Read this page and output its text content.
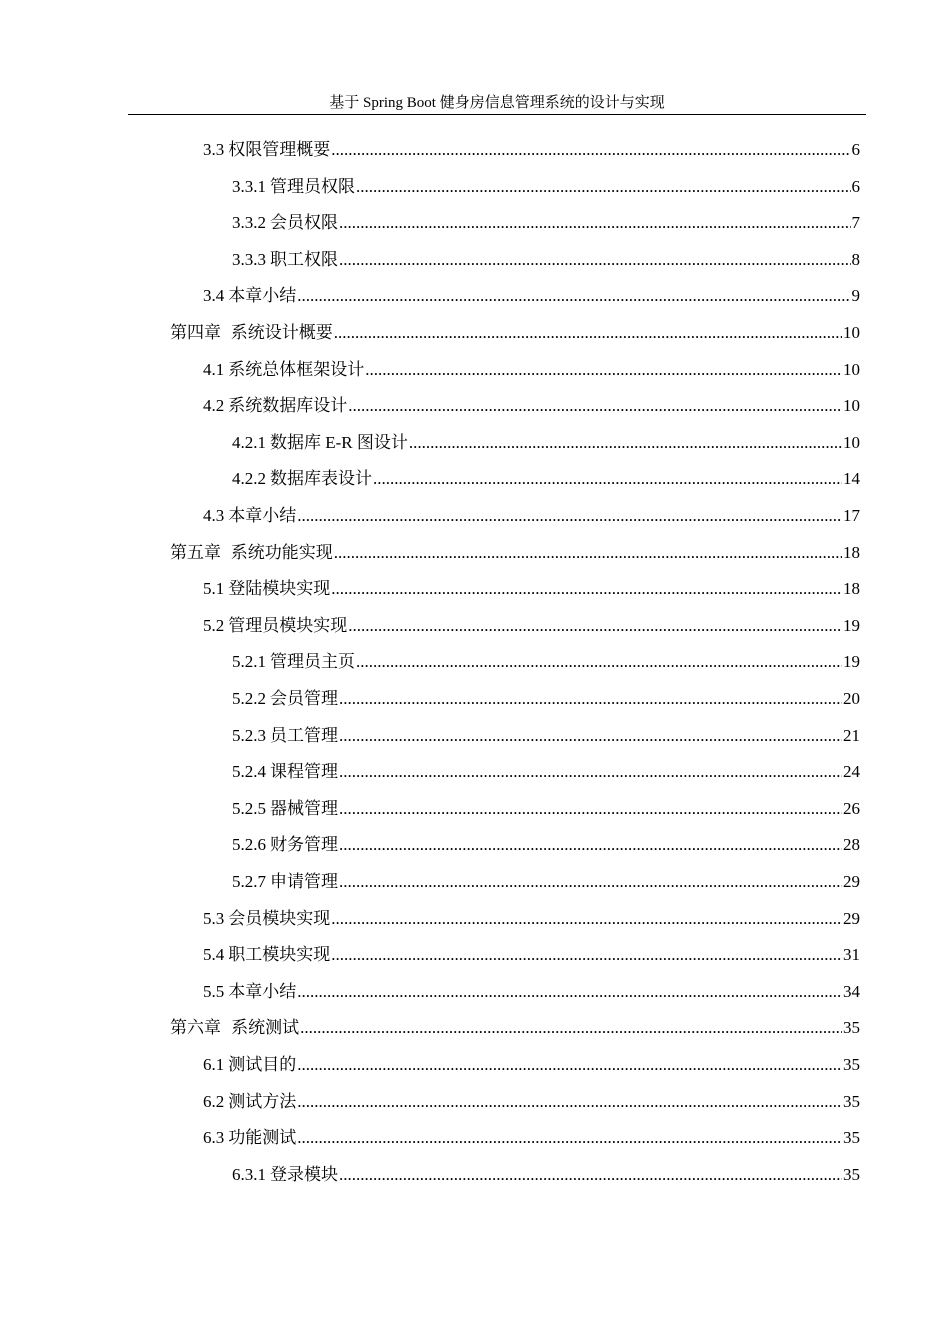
基于 Spring Boot 健身房信息管理系统的设计与实现
3.3 权限管理概要 .....	6
3.3.1 管理员权限 .....	6
3.3.2 会员权限 .....	7
3.3.3 职工权限 .....	8
3.4 本章小结 .....	9
第四章 系统设计概要 .....	10
4.1 系统总体框架设计 .....	10
4.2 系统数据库设计 .....	10
4.2.1 数据库 E-R 图设计 .....	10
4.2.2 数据库表设计 .....	14
4.3 本章小结 .....	17
第五章 系统功能实现 .....	18
5.1 登陆模块实现 .....	18
5.2 管理员模块实现 .....	19
5.2.1 管理员主页 .....	19
5.2.2 会员管理 .....	20
5.2.3 员工管理 .....	21
5.2.4 课程管理 .....	24
5.2.5 器械管理 .....	26
5.2.6 财务管理 .....	28
5.2.7 申请管理 .....	29
5.3 会员模块实现 .....	29
5.4 职工模块实现 .....	31
5.5 本章小结 .....	34
第六章 系统测试 .....	35
6.1 测试目的 .....	35
6.2 测试方法 .....	35
6.3 功能测试 .....	35
6.3.1 登录模块 .....	35
